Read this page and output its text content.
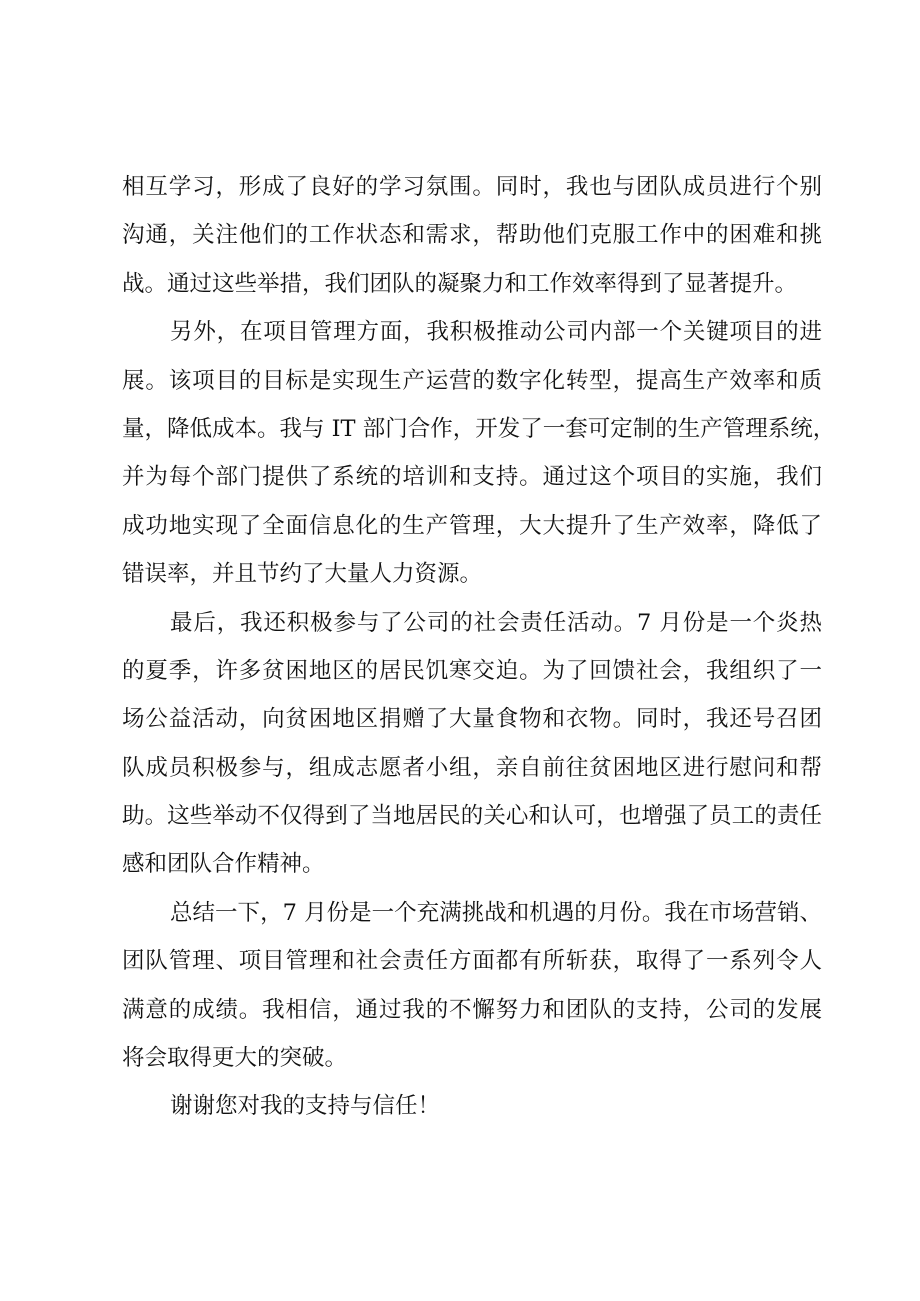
相互学习，形成了良好的学习氛围。同时，我也与团队成员进行个别
沟通，关注他们的工作状态和需求，帮助他们克服工作中的困难和挑
战。通过这些举措，我们团队的凝聚力和工作效率得到了显著提升。
另外，在项目管理方面，我积极推动公司内部一个关键项目的进
展。该项目的目标是实现生产运营的数字化转型，提高生产效率和质
量，降低成本。我与 IT 部门合作，开发了一套可定制的生产管理系统，
并为每个部门提供了系统的培训和支持。通过这个项目的实施，我们
成功地实现了全面信息化的生产管理，大大提升了生产效率，降低了
错误率，并且节约了大量人力资源。
最后，我还积极参与了公司的社会责任活动。7 月份是一个炎热
的夏季，许多贫困地区的居民饥寒交迫。为了回馈社会，我组织了一
场公益活动，向贫困地区捐赠了大量食物和衣物。同时，我还号召团
队成员积极参与，组成志愿者小组，亲自前往贫困地区进行慰问和帮
助。这些举动不仅得到了当地居民的关心和认可，也增强了员工的责任
感和团队合作精神。
总结一下，7 月份是一个充满挑战和机遇的月份。我在市场营销、
团队管理、项目管理和社会责任方面都有所斩获，取得了一系列令人
满意的成绩。我相信，通过我的不懈努力和团队的支持，公司的发展
将会取得更大的突破。
谢谢您对我的支持与信任！
